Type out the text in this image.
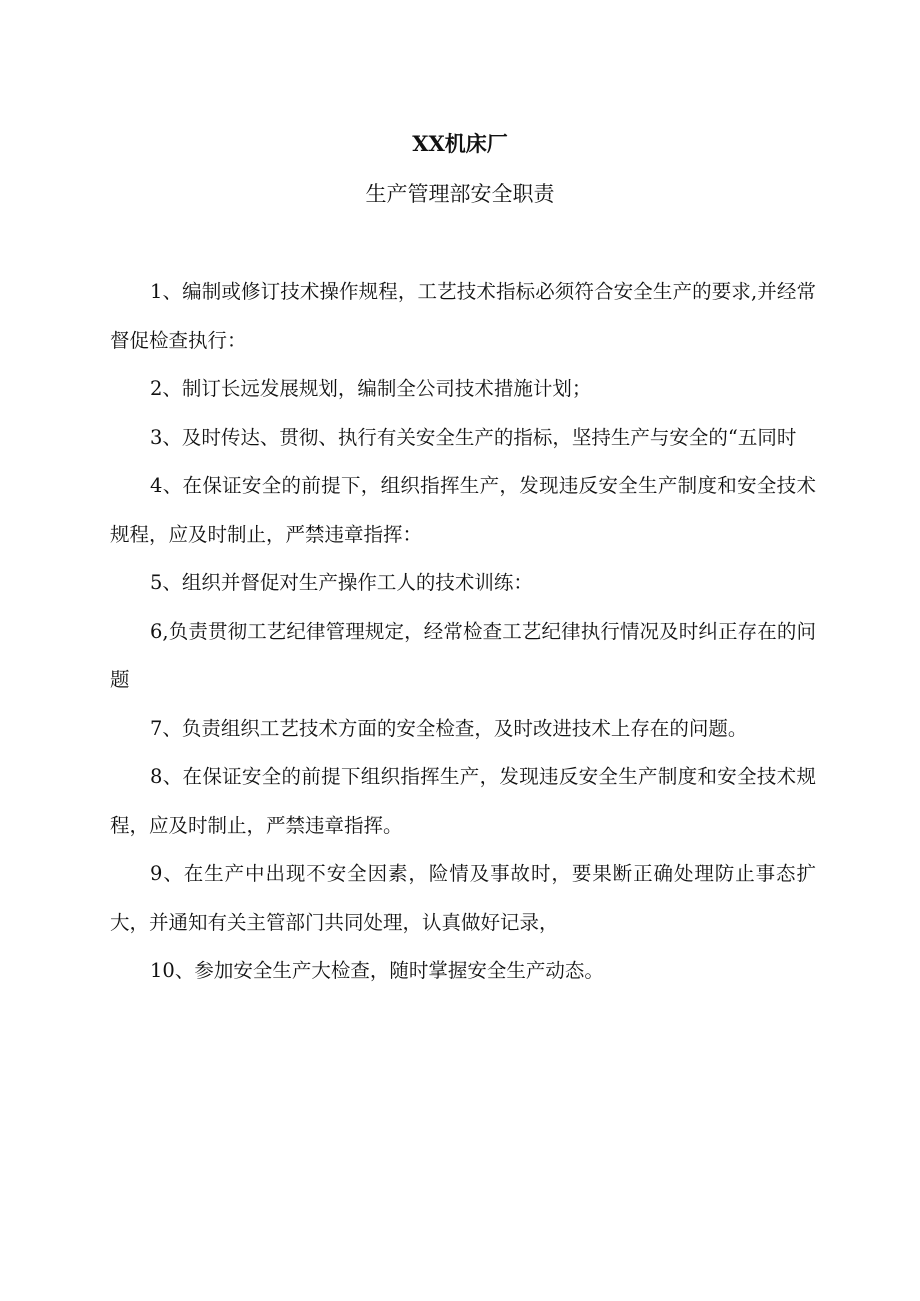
XX机床厂
生产管理部安全职责

1、编制或修订技术操作规程，工艺技术指标必须符合安全生产的要求,并经常督促检查执行：

2、制订长远发展规划，编制全公司技术措施计划；

3、及时传达、贯彻、执行有关安全生产的指标，坚持生产与安全的“五同时

4、在保证安全的前提下，组织指挥生产，发现违反安全生产制度和安全技术规程，应及时制止，严禁违章指挥：

5、组织并督促对生产操作工人的技术训练：

6,负责贯彻工艺纪律管理规定，经常检查工艺纪律执行情况及时纠正存在的问题

7、负责组织工艺技术方面的安全检查，及时改进技术上存在的问题。

8、在保证安全的前提下组织指挥生产，发现违反安全生产制度和安全技术规程，应及时制止，严禁违章指挥。

9、在生产中出现不安全因素，险情及事故时，要果断正确处理防止事态扩大，并通知有关主管部门共同处理，认真做好记录，

10、参加安全生产大检查，随时掌握安全生产动态。
